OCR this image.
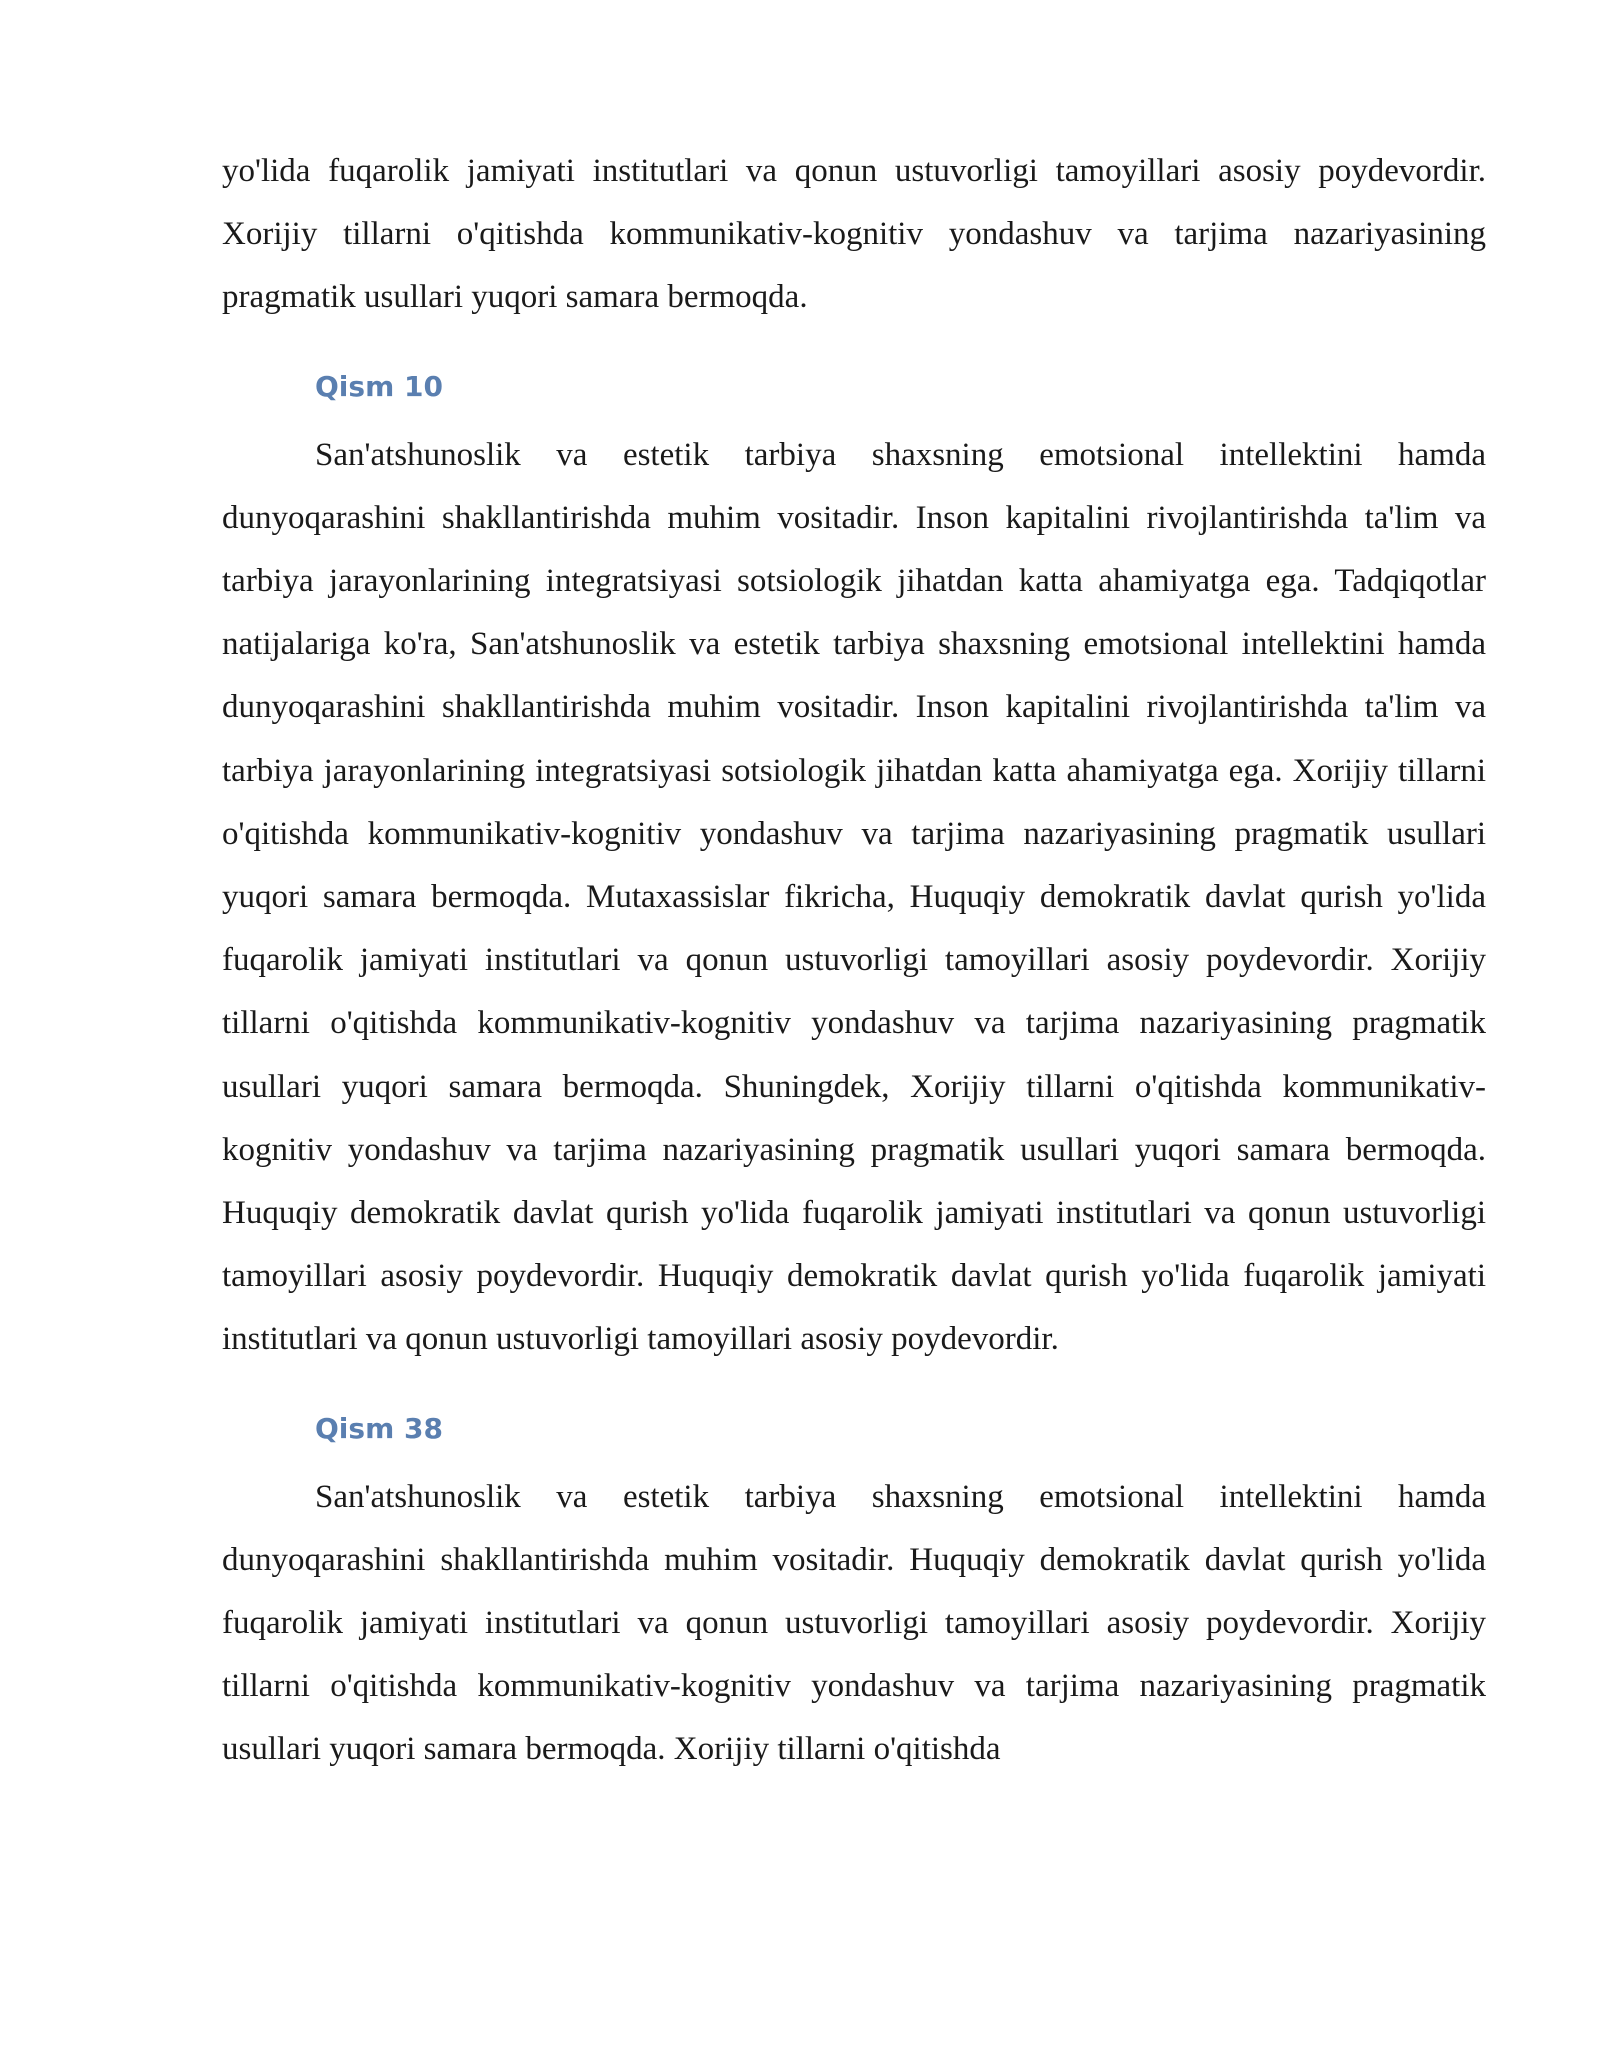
yo'lida fuqarolik jamiyati institutlari va qonun ustuvorligi tamoyillari asosiy poydevordir. Xorijiy tillarni o'qitishda kommunikativ-kognitiv yondashuv va tarjima nazariyasining pragmatik usullari yuqori samara bermoqda.

Qism 10

San'atshunoslik va estetik tarbiya shaxsning emotsional intellektini hamda dunyoqarashini shakllantirishda muhim vositadir. Inson kapitalini rivojlantirishda ta'lim va tarbiya jarayonlarining integratsiyasi sotsiologik jihatdan katta ahamiyatga ega. Tadqiqotlar natijalariga ko'ra, San'atshunoslik va estetik tarbiya shaxsning emotsional intellektini hamda dunyoqarashini shakllantirishda muhim vositadir. Inson kapitalini rivojlantirishda ta'lim va tarbiya jarayonlarining integratsiyasi sotsiologik jihatdan katta ahamiyatga ega. Xorijiy tillarni o'qitishda kommunikativ-kognitiv yondashuv va tarjima nazariyasining pragmatik usullari yuqori samara bermoqda. Mutaxassislar fikricha, Huquqiy demokratik davlat qurish yo'lida fuqarolik jamiyati institutlari va qonun ustuvorligi tamoyillari asosiy poydevordir. Xorijiy tillarni o'qitishda kommunikativ-kognitiv yondashuv va tarjima nazariyasining pragmatik usullari yuqori samara bermoqda. Shuningdek, Xorijiy tillarni o'qitishda kommunikativ-kognitiv yondashuv va tarjima nazariyasining pragmatik usullari yuqori samara bermoqda. Huquqiy demokratik davlat qurish yo'lida fuqarolik jamiyati institutlari va qonun ustuvorligi tamoyillari asosiy poydevordir. Huquqiy demokratik davlat qurish yo'lida fuqarolik jamiyati institutlari va qonun ustuvorligi tamoyillari asosiy poydevordir.

Qism 38

San'atshunoslik va estetik tarbiya shaxsning emotsional intellektini hamda dunyoqarashini shakllantirishda muhim vositadir. Huquqiy demokratik davlat qurish yo'lida fuqarolik jamiyati institutlari va qonun ustuvorligi tamoyillari asosiy poydevordir. Xorijiy tillarni o'qitishda kommunikativ-kognitiv yondashuv va tarjima nazariyasining pragmatik usullari yuqori samara bermoqda. Xorijiy tillarni o'qitishda
